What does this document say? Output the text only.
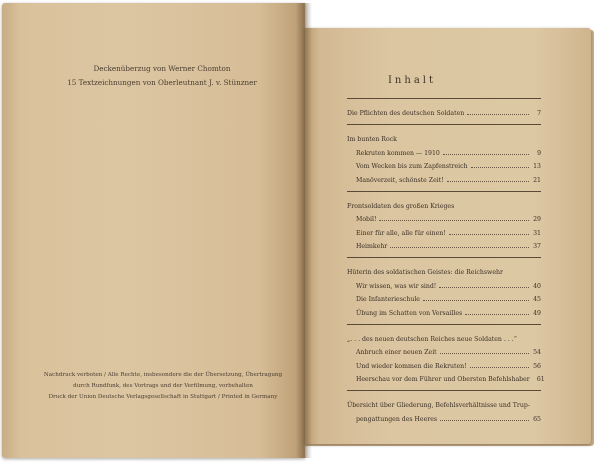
Deckenüberzug von Werner Chomton
15 Textzeichnungen von Oberleutnant J. v. Stünzner
Nachdruck verboten / Alle Rechte, insbesondere die der Übersetzung, Übertragung
durch Rundfunk, des Vortrags und der Verfilmung, vorbehalten
Druck der Union Deutsche Verlagsgesellschaft in Stuttgart / Printed in Germany
Inhalt
Die Pflichten des deutschen Soldaten	7
Im bunten Rock
Rekruten kommen — 1910	9
Vom Wecken bis zum Zapfenstreich	13
Manöverzeit, schönste Zeit!	21
Frontsoldaten des großen Krieges
Mobil!	29
Einer für alle, alle für einen!	31
Heimkehr	37
Hüterin des soldatischen Geistes: die Reichswehr
Wir wissen, was wir sind!	40
Die Infanterieschule	45
Übung im Schatten von Versailles	49
„. . . des neuen deutschen Reiches neue Soldaten . . .“
Anbruch einer neuen Zeit	54
Und wieder kommen die Rekruten!	56
Heerschau vor dem Führer und Obersten Befehlshaber 61
Übersicht über Gliederung, Befehlsverhältnisse und Trup-
pengattungen des Heeres	65
